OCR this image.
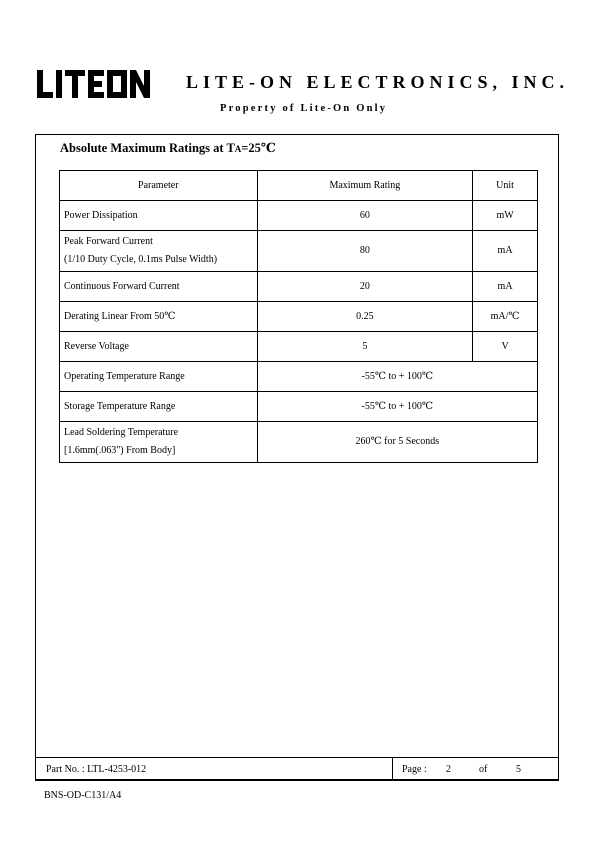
LITE-ON ELECTRONICS, INC.
Property of Lite-On Only
Absolute Maximum Ratings at TA=25℃
Parameter	Maximum Rating	Unit
Power Dissipation	60	mW
Peak Forward Current
(1/10 Duty Cycle, 0.1ms Pulse Width)	80	mA
Continuous Forward Current	20	mA
Derating Linear From 50℃	0.25	mA/℃
Reverse Voltage	5	V
Operating Temperature Range	-55℃ to + 100℃	
Storage Temperature Range	-55℃ to + 100℃	
Lead Soldering Temperature
[1.6mm(.063") From Body]	260℃ for 5 Seconds	
Part No. : LTL-4253-012	Page : 2	of	5
BNS-OD-C131/A4
